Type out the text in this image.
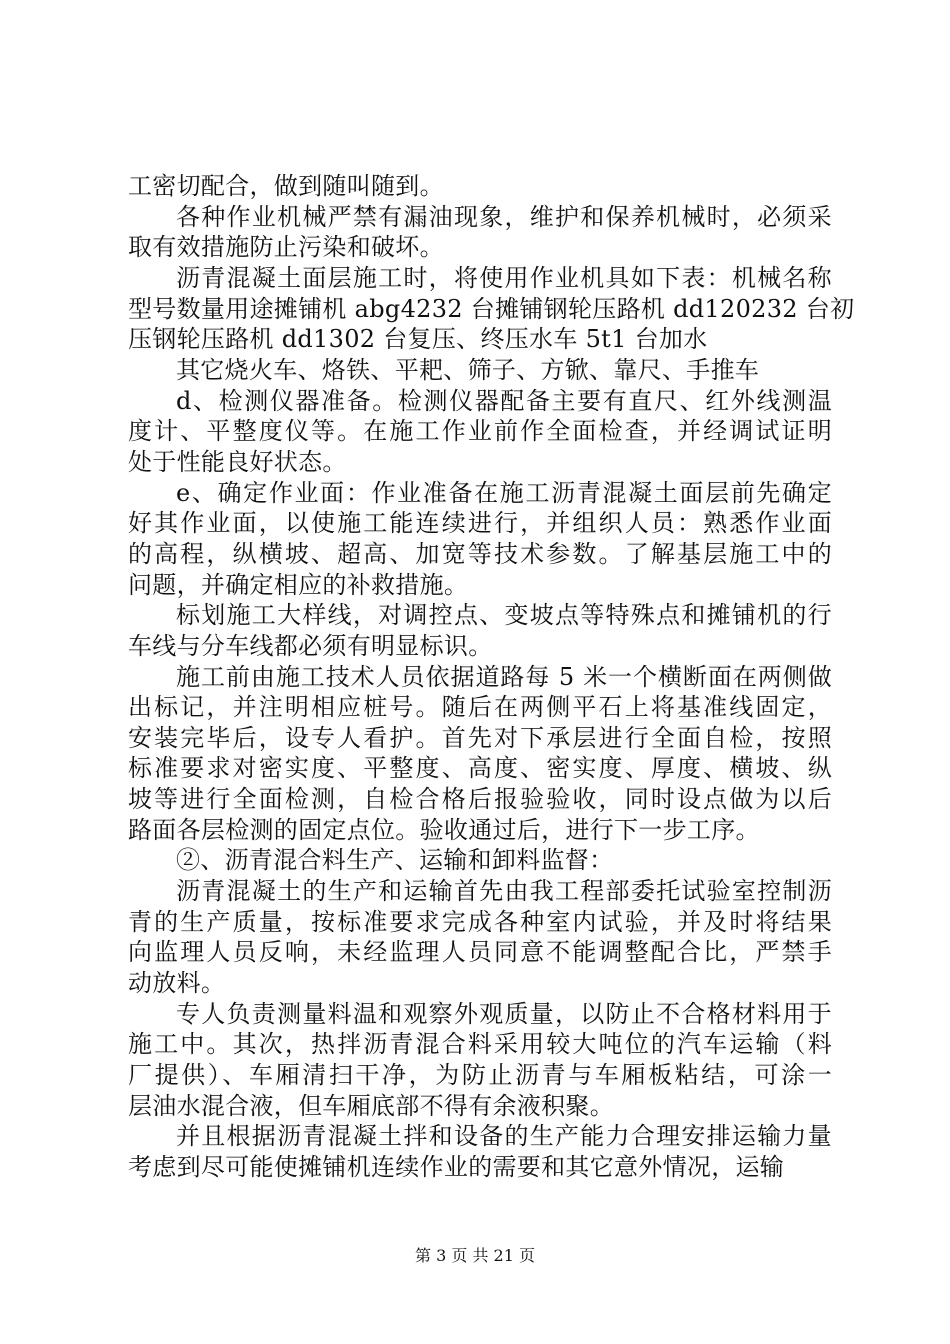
工密切配合，做到随叫随到。
各种作业机械严禁有漏油现象，维护和保养机械时，必须采
取有效措施防止污染和破坏。
沥青混凝土面层施工时，将使用作业机具如下表：机械名称
型号数量用途摊铺机 abg4232 台摊铺钢轮压路机 dd120232 台初
压钢轮压路机 dd1302 台复压、终压水车 5t1 台加水
其它烧火车、烙铁、平耙、筛子、方锨、靠尺、手推车
d、检测仪器准备。检测仪器配备主要有直尺、红外线测温
度计、平整度仪等。在施工作业前作全面检查，并经调试证明
处于性能良好状态。
e、确定作业面：作业准备在施工沥青混凝土面层前先确定
好其作业面，以使施工能连续进行，并组织人员：熟悉作业面
的高程，纵横坡、超高、加宽等技术参数。了解基层施工中的
问题，并确定相应的补救措施。
标划施工大样线，对调控点、变坡点等特殊点和摊铺机的行
车线与分车线都必须有明显标识。
施工前由施工技术人员依据道路每 5 米一个横断面在两侧做
出标记，并注明相应桩号。随后在两侧平石上将基准线固定，
安装完毕后，设专人看护。首先对下承层进行全面自检，按照
标准要求对密实度、平整度、高度、密实度、厚度、横坡、纵
坡等进行全面检测，自检合格后报验验收，同时设点做为以后
路面各层检测的固定点位。验收通过后，进行下一步工序。
②、沥青混合料生产、运输和卸料监督：
沥青混凝土的生产和运输首先由我工程部委托试验室控制沥
青的生产质量，按标准要求完成各种室内试验，并及时将结果
向监理人员反响，未经监理人员同意不能调整配合比，严禁手
动放料。
专人负责测量料温和观察外观质量，以防止不合格材料用于
施工中。其次，热拌沥青混合料采用较大吨位的汽车运输（料
厂提供）、车厢清扫干净，为防止沥青与车厢板粘结，可涂一
层油水混合液，但车厢底部不得有余液积聚。
并且根据沥青混凝土拌和设备的生产能力合理安排运输力量
考虑到尽可能使摊铺机连续作业的需要和其它意外情况，运输
第 3 页 共 21 页
